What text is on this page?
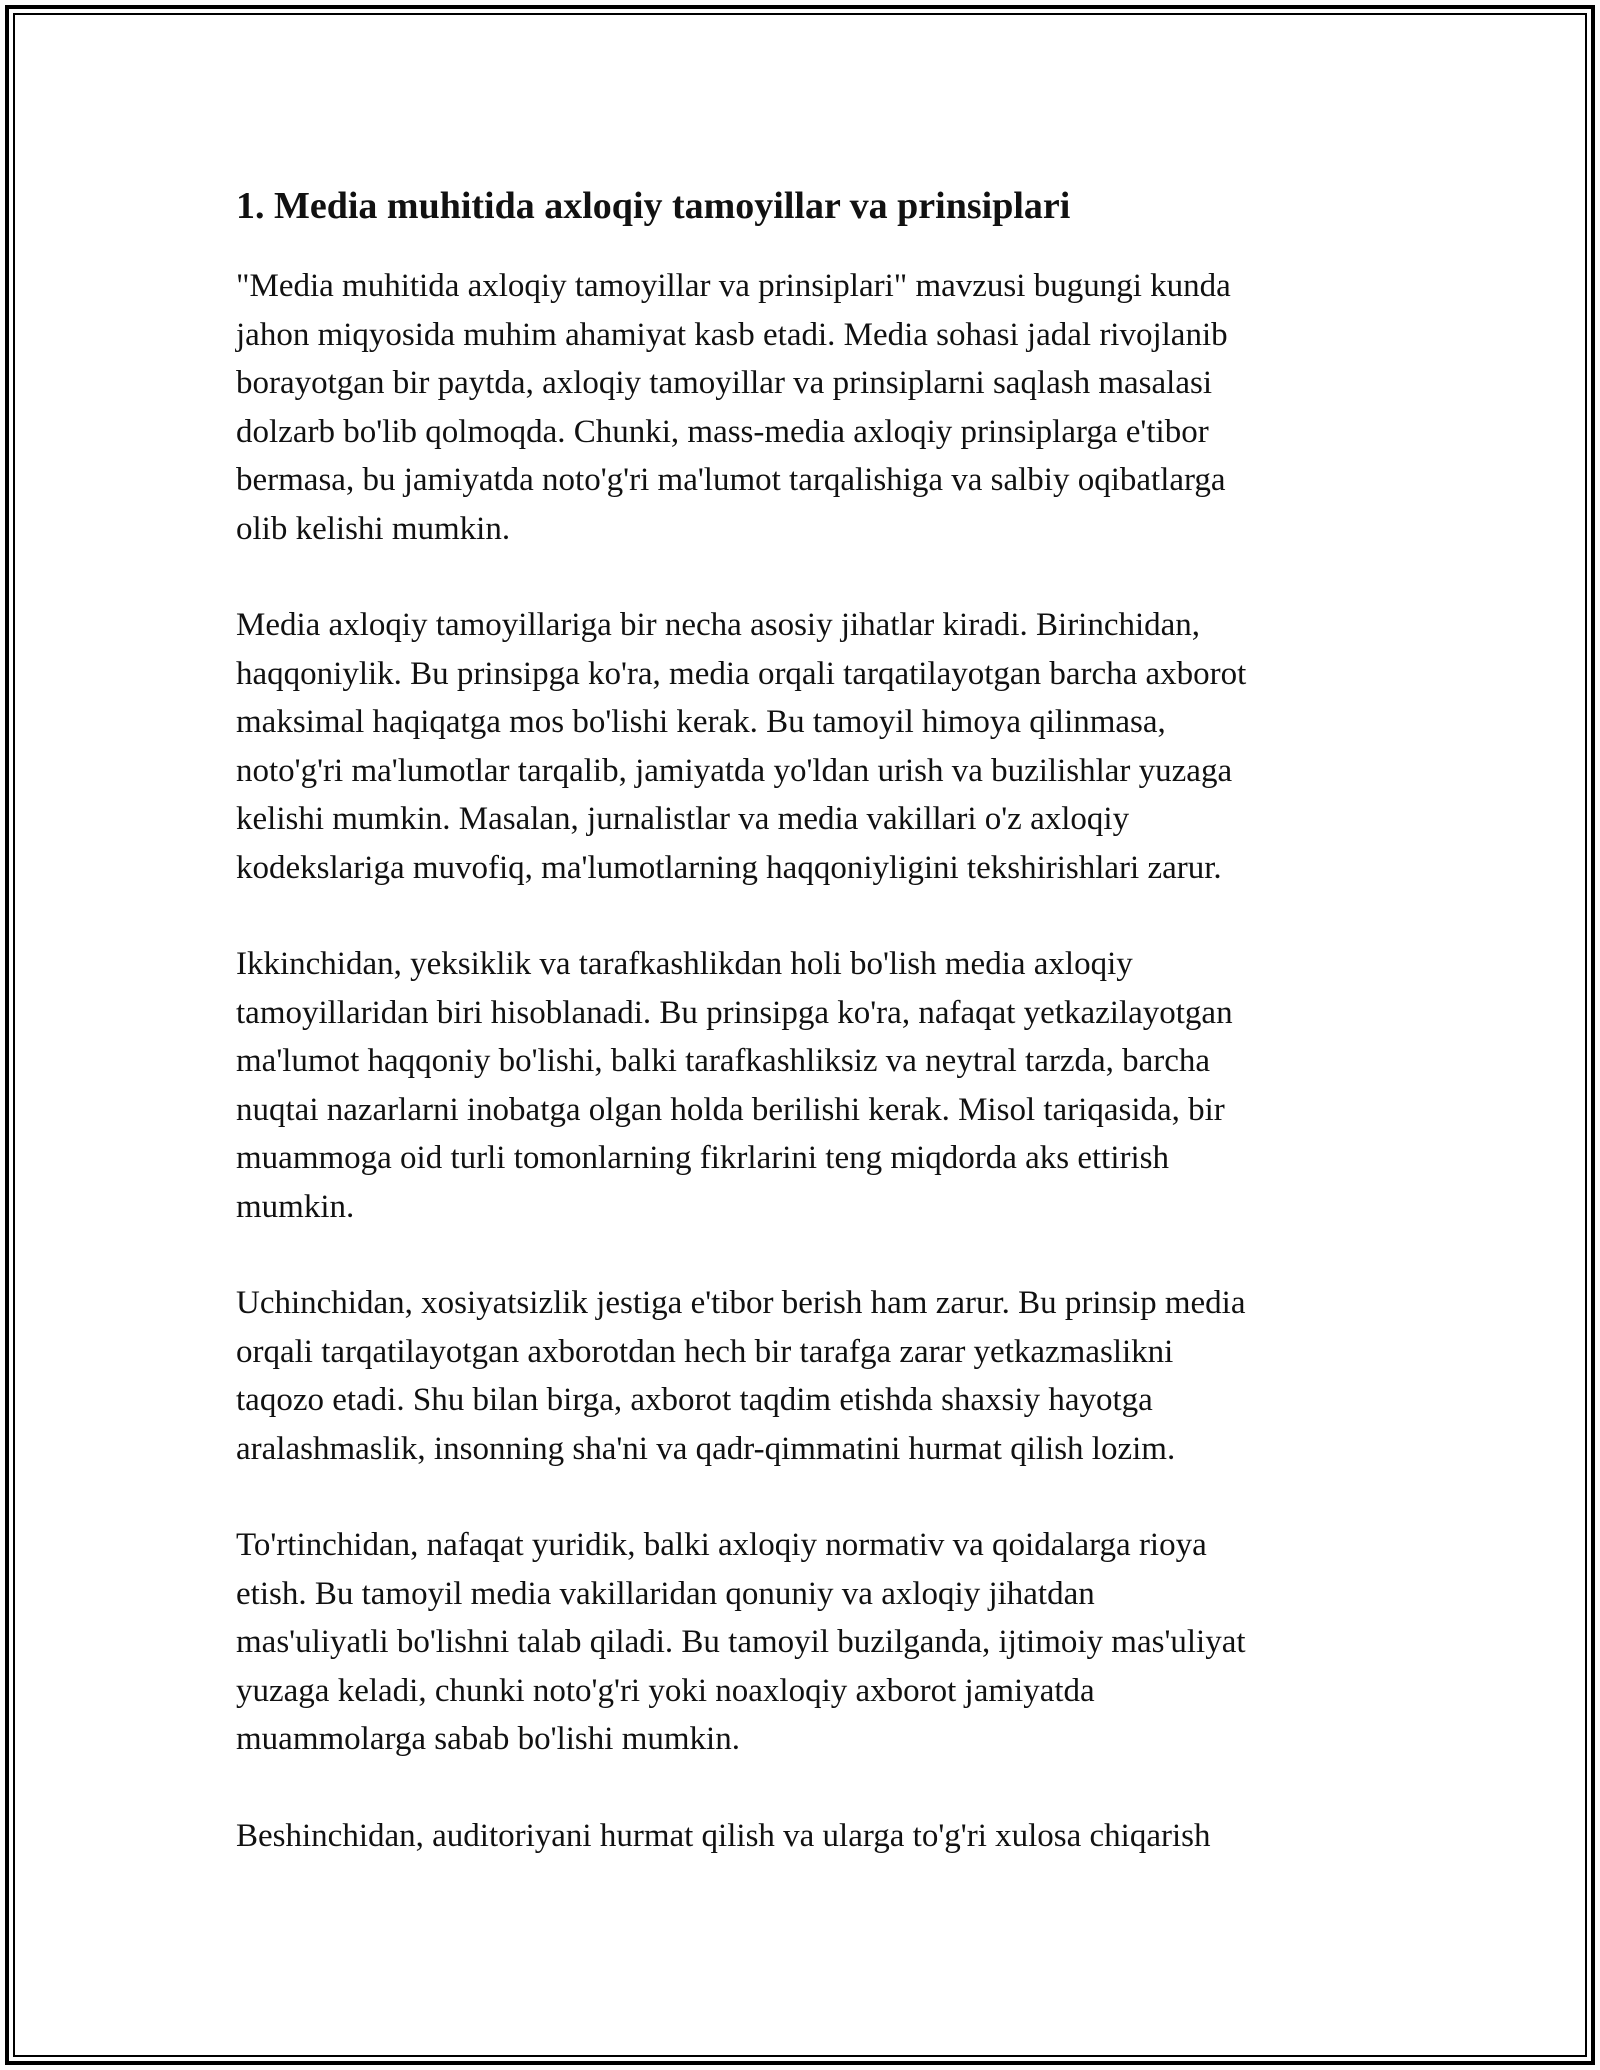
1. Media muhitida axloqiy tamoyillar va prinsiplari

"Media muhitida axloqiy tamoyillar va prinsiplari" mavzusi bugungi kunda
jahon miqyosida muhim ahamiyat kasb etadi. Media sohasi jadal rivojlanib
borayotgan bir paytda, axloqiy tamoyillar va prinsiplarni saqlash masalasi
dolzarb bo'lib qolmoqda. Chunki, mass-media axloqiy prinsiplarga e'tibor
bermasa, bu jamiyatda noto'g'ri ma'lumot tarqalishiga va salbiy oqibatlarga
olib kelishi mumkin.

Media axloqiy tamoyillariga bir necha asosiy jihatlar kiradi. Birinchidan,
haqqoniylik. Bu prinsipga ko'ra, media orqali tarqatilayotgan barcha axborot
maksimal haqiqatga mos bo'lishi kerak. Bu tamoyil himoya qilinmasa,
noto'g'ri ma'lumotlar tarqalib, jamiyatda yo'ldan urish va buzilishlar yuzaga
kelishi mumkin. Masalan, jurnalistlar va media vakillari o'z axloqiy
kodekslariga muvofiq, ma'lumotlarning haqqoniyligini tekshirishlari zarur.

Ikkinchidan, yeksiklik va tarafkashlikdan holi bo'lish media axloqiy
tamoyillaridan biri hisoblanadi. Bu prinsipga ko'ra, nafaqat yetkazilayotgan
ma'lumot haqqoniy bo'lishi, balki tarafkashliksiz va neytral tarzda, barcha
nuqtai nazarlarni inobatga olgan holda berilishi kerak. Misol tariqasida, bir
muammoga oid turli tomonlarning fikrlarini teng miqdorda aks ettirish
mumkin.

Uchinchidan, xosiyatsizlik jestiga e'tibor berish ham zarur. Bu prinsip media
orqali tarqatilayotgan axborotdan hech bir tarafga zarar yetkazmaslikni
taqozo etadi. Shu bilan birga, axborot taqdim etishda shaxsiy hayotga
aralashmaslik, insonning sha'ni va qadr-qimmatini hurmat qilish lozim.

To'rtinchidan, nafaqat yuridik, balki axloqiy normativ va qoidalarga rioya
etish. Bu tamoyil media vakillaridan qonuniy va axloqiy jihatdan
mas'uliyatli bo'lishni talab qiladi. Bu tamoyil buzilganda, ijtimoiy mas'uliyat
yuzaga keladi, chunki noto'g'ri yoki noaxloqiy axborot jamiyatda
muammolarga sabab bo'lishi mumkin.

Beshinchidan, auditoriyani hurmat qilish va ularga to'g'ri xulosa chiqarish
